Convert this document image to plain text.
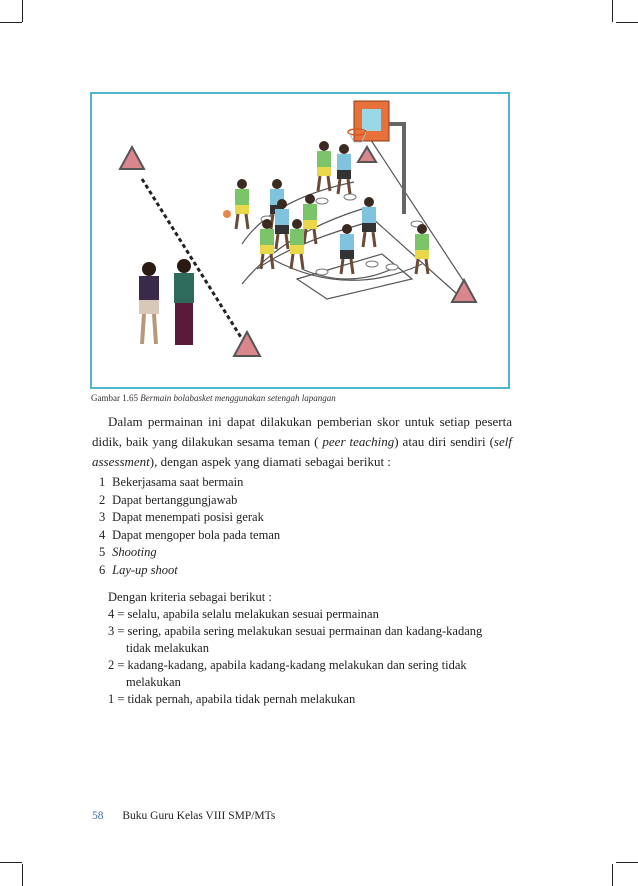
Gambar 1.65 Bermain bolabasket menggunakan setengah lapangan
Dalam permainan ini dapat dilakukan pemberian skor untuk setiap peserta
didik, baik yang dilakukan sesama teman ( peer teaching) atau diri sendiri (self
assessment), dengan aspek yang diamati sebagai berikut :
1 Bekerjasama saat bermain
2 Dapat bertanggungjawab
3 Dapat menempati posisi gerak
4 Dapat mengoper bola pada teman
5 Shooting
6 Lay-up shoot
Dengan kriteria sebagai berikut :
4 = selalu, apabila selalu melakukan sesuai permainan
3 = sering, apabila sering melakukan sesuai permainan dan kadang-kadang
tidak melakukan
2 = kadang-kadang, apabila kadang-kadang melakukan dan sering tidak
melakukan
1 = tidak pernah, apabila tidak pernah melakukan
58 Buku Guru Kelas VIII SMP/MTs
